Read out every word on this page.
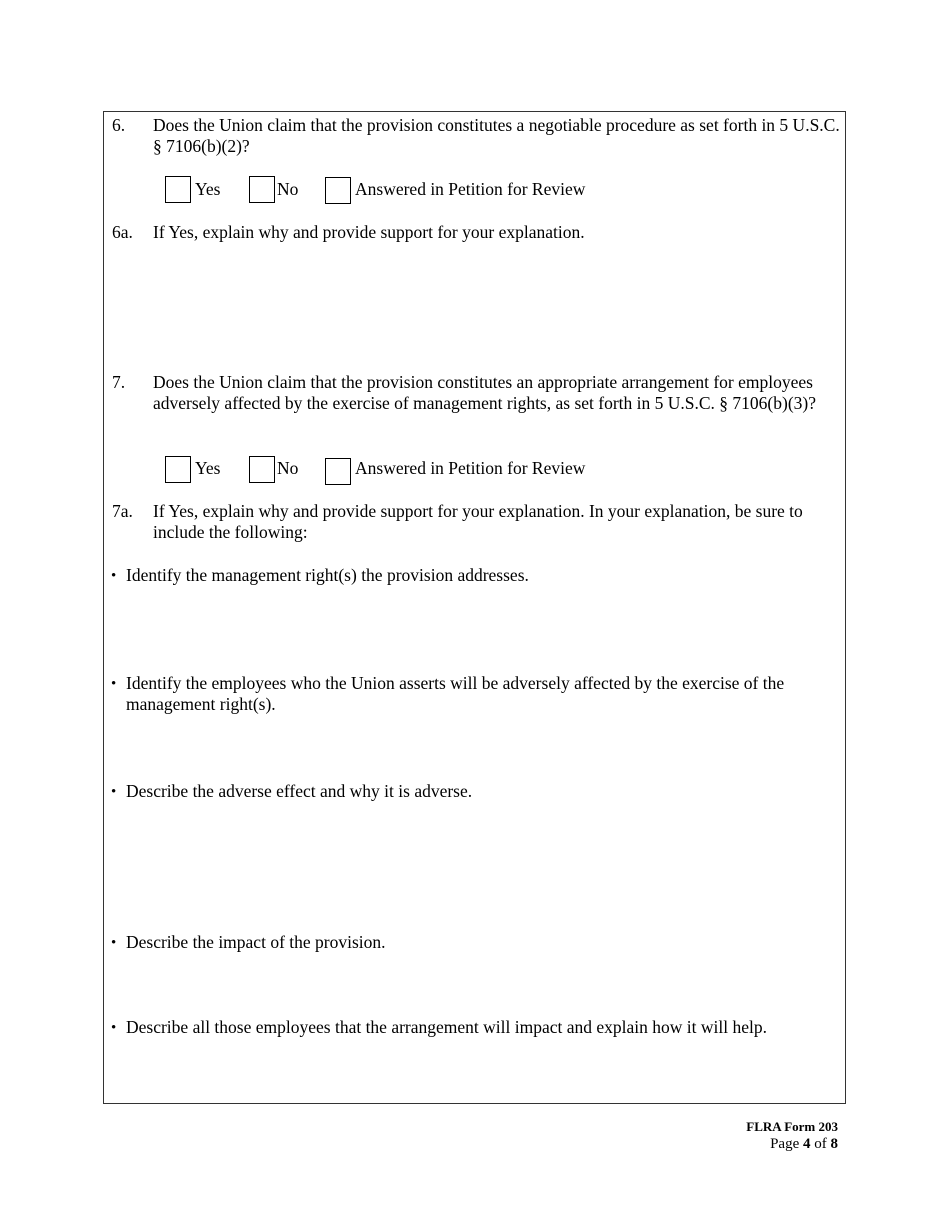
6. Does the Union claim that the provision constitutes a negotiable procedure as set forth in 5 U.S.C. § 7106(b)(2)?
Yes	No	Answered in Petition for Review
6a. If Yes, explain why and provide support for your explanation.
7. Does the Union claim that the provision constitutes an appropriate arrangement for employees adversely affected by the exercise of management rights, as set forth in 5 U.S.C. § 7106(b)(3)?
Yes	No	Answered in Petition for Review
7a. If Yes, explain why and provide support for your explanation. In your explanation, be sure to include the following:
• Identify the management right(s) the provision addresses.
• Identify the employees who the Union asserts will be adversely affected by the exercise of the management right(s).
• Describe the adverse effect and why it is adverse.
• Describe the impact of the provision.
• Describe all those employees that the arrangement will impact and explain how it will help.
FLRA Form 203
Page 4 of 8
